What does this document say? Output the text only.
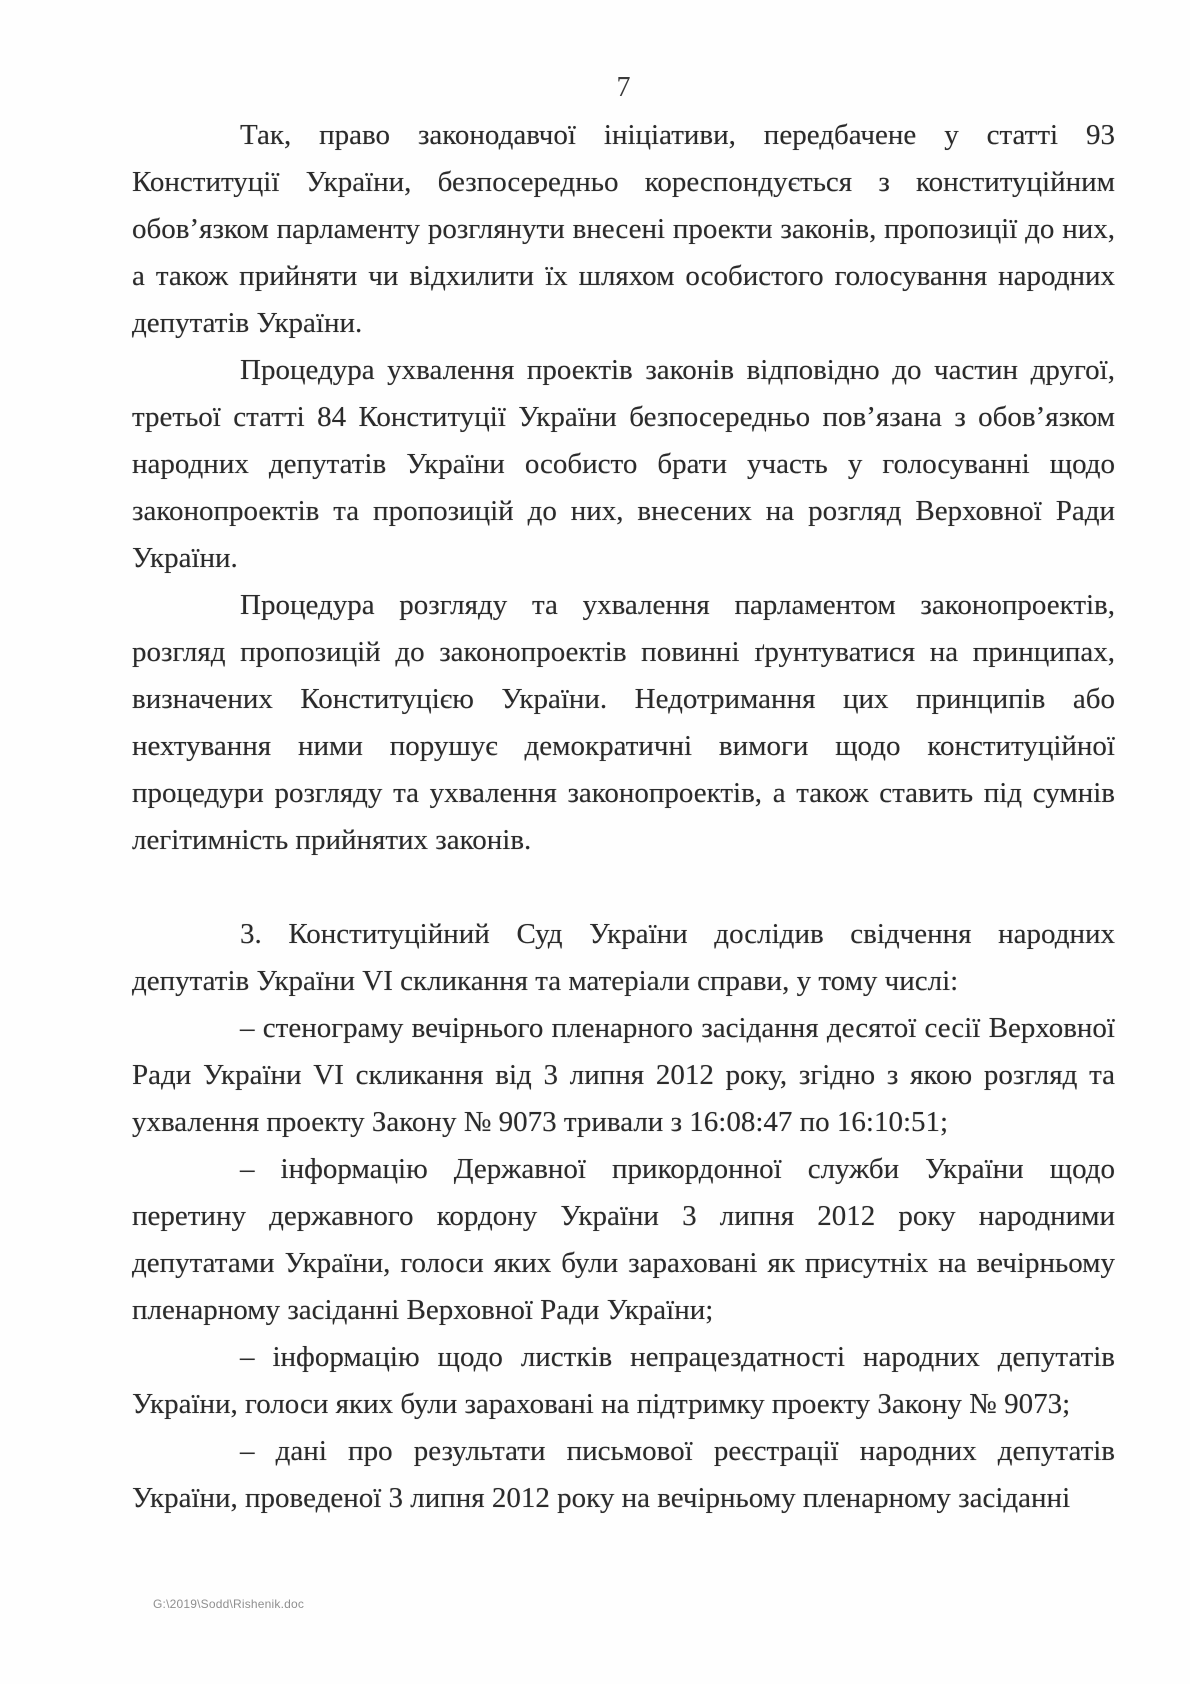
7

Так, право законодавчої ініціативи, передбачене у статті 93 Конституції України, безпосередньо кореспондується з конституційним обов’язком парламенту розглянути внесені проекти законів, пропозиції до них, а також прийняти чи відхилити їх шляхом особистого голосування народних депутатів України.

Процедура ухвалення проектів законів відповідно до частин другої, третьої статті 84 Конституції України безпосередньо пов’язана з обов’язком народних депутатів України особисто брати участь у голосуванні щодо законопроектів та пропозицій до них, внесених на розгляд Верховної Ради України.

Процедура розгляду та ухвалення парламентом законопроектів, розгляд пропозицій до законопроектів повинні ґрунтуватися на принципах, визначених Конституцією України. Недотримання цих принципів або нехтування ними порушує демократичні вимоги щодо конституційної процедури розгляду та ухвалення законопроектів, а також ставить під сумнів легітимність прийнятих законів.

3. Конституційний Суд України дослідив свідчення народних депутатів України VI скликання та матеріали справи, у тому числі:

– стенограму вечірнього пленарного засідання десятої сесії Верховної Ради України VI скликання від 3 липня 2012 року, згідно з якою розгляд та ухвалення проекту Закону № 9073 тривали з 16:08:47 по 16:10:51;

– інформацію Державної прикордонної служби України щодо перетину державного кордону України 3 липня 2012 року народними депутатами України, голоси яких були зараховані як присутніх на вечірньому пленарному засіданні Верховної Ради України;

– інформацію щодо листків непрацездатності народних депутатів України, голоси яких були зараховані на підтримку проекту Закону № 9073;

– дані про результати письмової реєстрації народних депутатів України, проведеної 3 липня 2012 року на вечірньому пленарному засіданні

G:\2019\Sodd\Rishenik.doc
